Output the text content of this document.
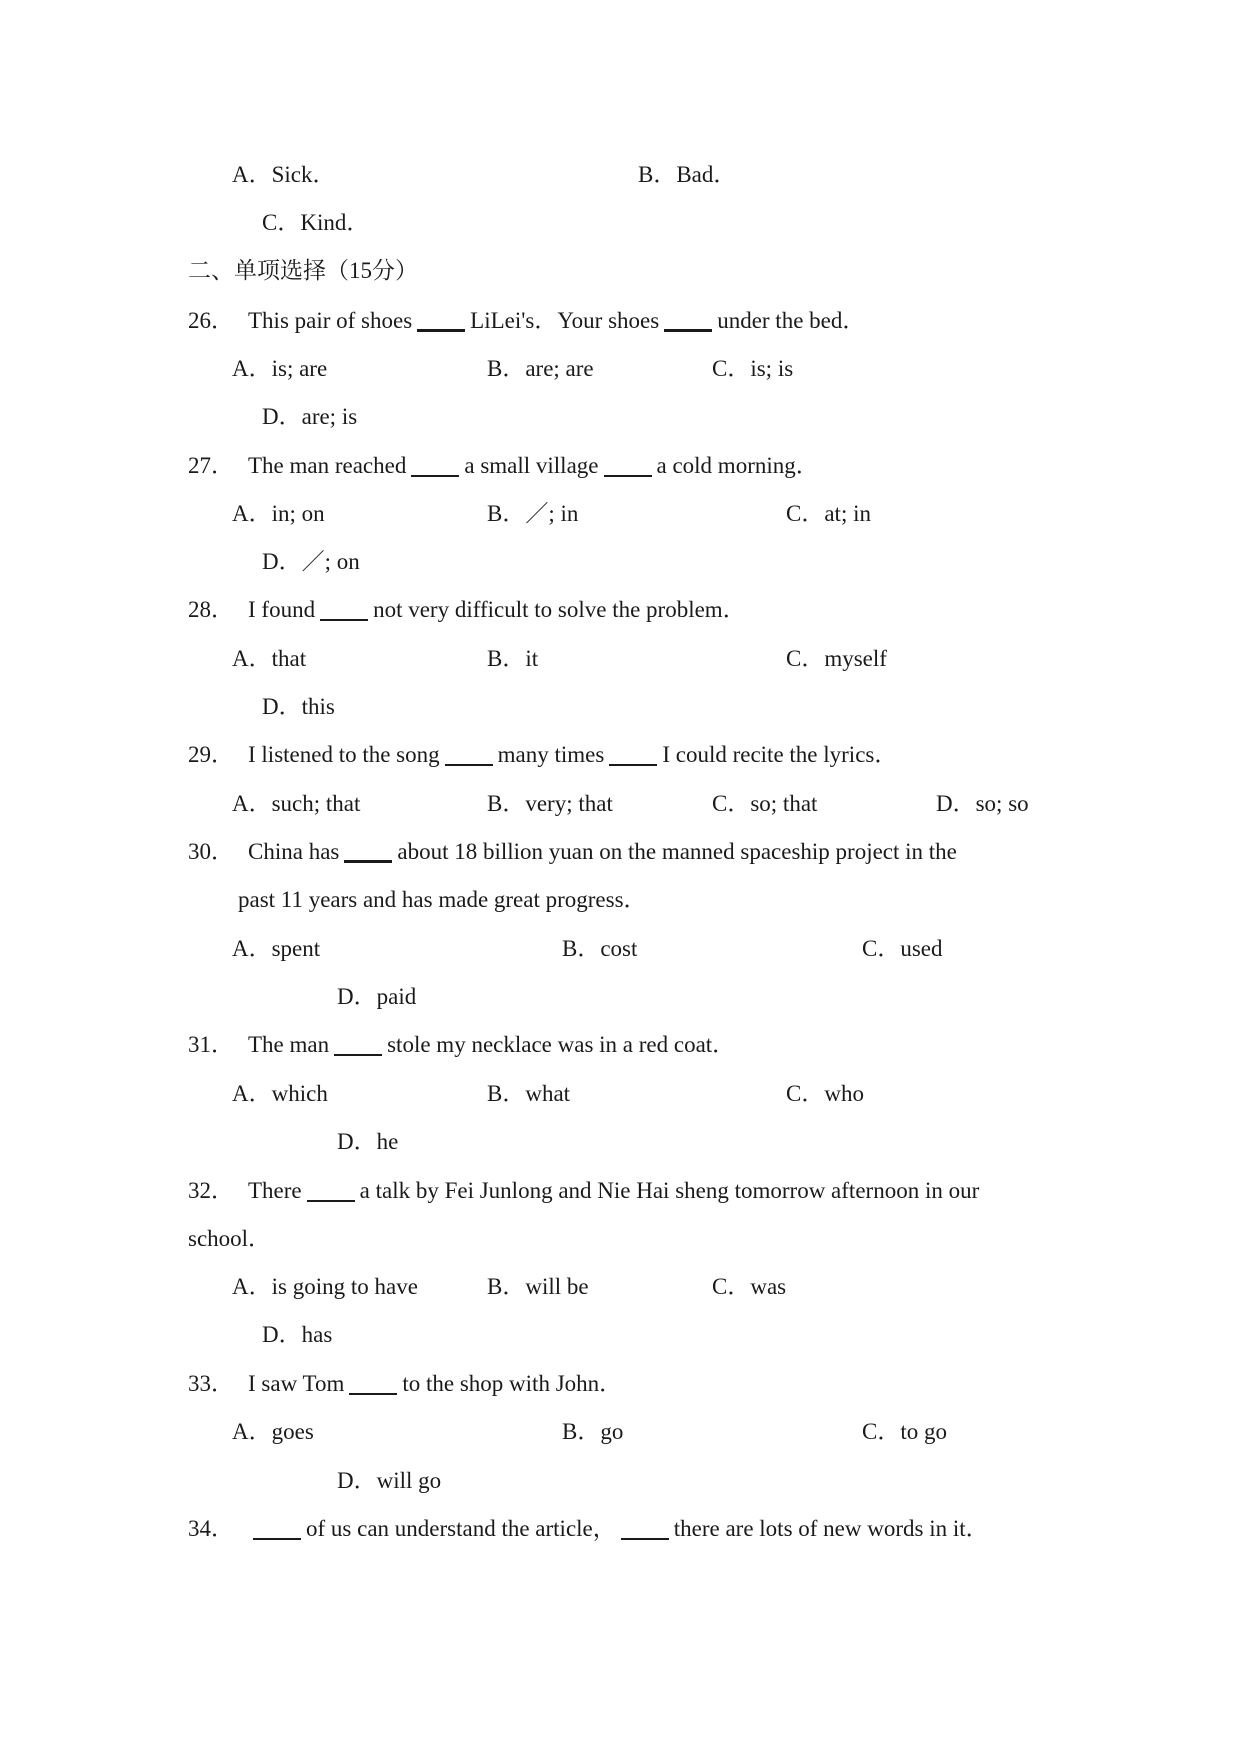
A．Sick．	B．Bad．
C．Kind．
二、单项选择（15分）
26． This pair of shoes	LiLei's．Your shoes	under the bed．
A．is; are	B．are; are	C．is; is
D．are; is
27． The man reached	a small village	a cold morning．
A．in; on	B．／; in	C．at; in
D．／; on
28． I found	not very difficult to solve the problem．
A．that	B．it	C．myself
D．this
29． I listened to the song	many times	I could recite the lyrics．
A．such; that	B．very; that	C．so; that	D．so; so
30． China has	about 18 billion yuan on the manned spaceship project in the
past 11 years and has made great progress．
A．spent	B．cost	C．used
D．paid
31． The man	stole my necklace was in a red coat．
A．which	B．what	C．who
D．he
32． There	a talk by Fei Junlong and Nie Hai sheng tomorrow afternoon in our
school．
A．is going to have	B．will be	C．was
D．has
33． I saw Tom	to the shop with John．
A．goes	B．go	C．to go
D．will go
34．	of us can understand the article，	there are lots of new words in it．
